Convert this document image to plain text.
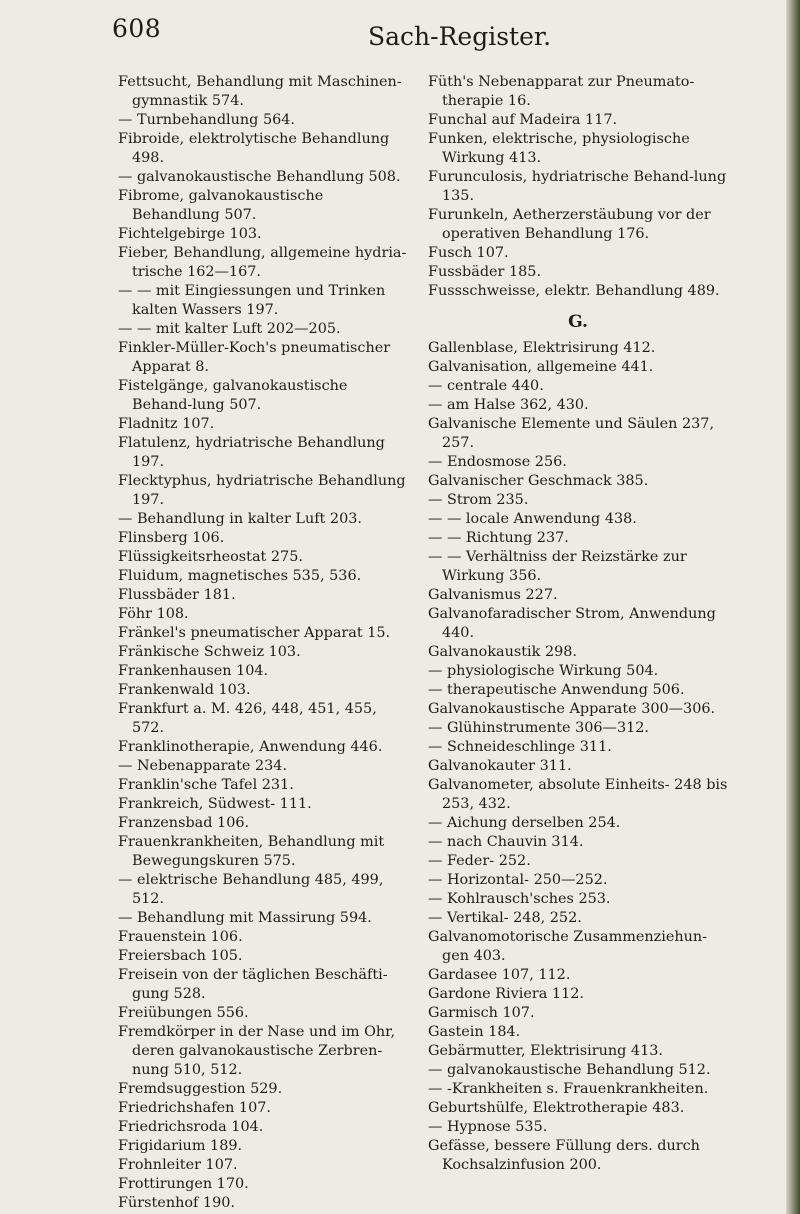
608	Sach-Register.
Fettsucht, Behandlung mit Maschinen-gymnastik 574.
— Turnbehandlung 564.
Fibroide, elektrolytische Behandlung 498.
— galvanokaustische Behandlung 508.
Fibrome, galvanokaustische Behandlung 507.
Fichtelgebirge 103.
Fieber, Behandlung, allgemeine hydria-trische 162—167.
— — mit Eingiessungen und Trinken kalten Wassers 197.
— — mit kalter Luft 202—205.
Finkler-Müller-Koch's pneumatischer Apparat 8.
Fistelgänge, galvanokaustische Behand-lung 507.
Fladnitz 107.
Flatulenz, hydriatrische Behandlung 197.
Flecktyphus, hydriatrische Behandlung 197.
— Behandlung in kalter Luft 203.
Flinsberg 106.
Flüssigkeitsrheostat 275.
Fluidum, magnetisches 535, 536.
Flussbäder 181.
Föhr 108.
Fränkel's pneumatischer Apparat 15.
Fränkische Schweiz 103.
Frankenhausen 104.
Frankenwald 103.
Frankfurt a. M. 426, 448, 451, 455, 572.
Franklinotherapie, Anwendung 446.
— Nebenapparate 234.
Franklin'sche Tafel 231.
Frankreich, Südwest- 111.
Franzensbad 106.
Frauenkrankheiten, Behandlung mit Bewegungskuren 575.
— elektrische Behandlung 485, 499, 512.
— Behandlung mit Massirung 594.
Frauenstein 106.
Freiersbach 105.
Freisein von der täglichen Beschäfti-gung 528.
Freiübungen 556.
Fremdkörper in der Nase und im Ohr, deren galvanokaustische Zerbren-nung 510, 512.
Fremdsuggestion 529.
Friedrichshafen 107.
Friedrichsroda 104.
Frigidarium 189.
Frohnleiter 107.
Frottirungen 170.
Fürstenhof 190.
Füth's Nebenapparat zur Pneumato-therapie 16.
Funchal auf Madeira 117.
Funken, elektrische, physiologische Wirkung 413.
Furunculosis, hydriatrische Behand-lung 135.
Furunkeln, Aetherzerstäubung vor der operativen Behandlung 176.
Fusch 107.
Fussbäder 185.
Fussschweisse, elektr. Behandlung 489.
G.
Gallenblase, Elektrisirung 412.
Galvanisation, allgemeine 441.
— centrale 440.
— am Halse 362, 430.
Galvanische Elemente und Säulen 237, 257.
— Endosmose 256.
Galvanischer Geschmack 385.
— Strom 235.
— — locale Anwendung 438.
— — Richtung 237.
— — Verhältniss der Reizstärke zur Wirkung 356.
Galvanismus 227.
Galvanofaradischer Strom, Anwendung 440.
Galvanokaustik 298.
— physiologische Wirkung 504.
— therapeutische Anwendung 506.
Galvanokaustische Apparate 300—306.
— Glühinstrumente 306—312.
— Schneideschlinge 311.
Galvanokauter 311.
Galvanometer, absolute Einheits- 248 bis 253, 432.
— Aichung derselben 254.
— nach Chauvin 314.
— Feder- 252.
— Horizontal- 250—252.
— Kohlrausch'sches 253.
— Vertikal- 248, 252.
Galvanomotorische Zusammenziehun-gen 403.
Gardasee 107, 112.
Gardone Riviera 112.
Garmisch 107.
Gastein 184.
Gebärmutter, Elektrisirung 413.
— galvanokaustische Behandlung 512.
— -Krankheiten s. Frauenkrankheiten.
Geburtshülfe, Elektrotherapie 483.
— Hypnose 535.
Gefässe, bessere Füllung ders. durch Kochsalzinfusion 200.
